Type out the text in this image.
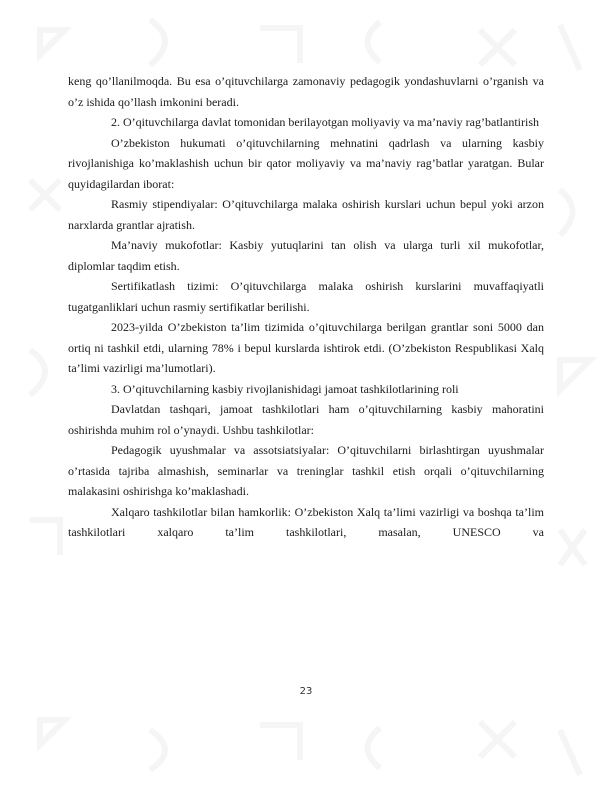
keng qo’llanilmoqda. Bu esa o’qituvchilarga zamonaviy pedagogik yondashuvlarni o’rganish va o’z ishida qo’llash imkonini beradi.

2. O’qituvchilarga davlat tomonidan berilayotgan moliyaviy va ma’naviy rag’batlantirish

O’zbekiston hukumati o’qituvchilarning mehnatini qadrlash va ularning kasbiy rivojlanishiga ko’maklashish uchun bir qator moliyaviy va ma’naviy rag’batlar yaratgan. Bular quyidagilardan iborat:

Rasmiy stipendiyalar: O’qituvchilarga malaka oshirish kurslari uchun bepul yoki arzon narxlarda grantlar ajratish.

Ma’naviy mukofotlar: Kasbiy yutuqlarini tan olish va ularga turli xil mukofotlar, diplomlar taqdim etish.

Sertifikatlash tizimi: O’qituvchilarga malaka oshirish kurslarini muvaffaqiyatli tugatganliklari uchun rasmiy sertifikatlar berilishi.

2023-yilda O’zbekiston ta’lim tizimida o’qituvchilarga berilgan grantlar soni 5000 dan ortiq ni tashkil etdi, ularning 78% i bepul kurslarda ishtirok etdi. (O’zbekiston Respublikasi Xalq ta’limi vazirligi ma’lumotlari).

3. O’qituvchilarning kasbiy rivojlanishidagi jamoat tashkilotlarining roli

Davlatdan tashqari, jamoat tashkilotlari ham o’qituvchilarning kasbiy mahoratini oshirishda muhim rol o’ynaydi. Ushbu tashkilotlar:

Pedagogik uyushmalar va assotsiatsiyalar: O’qituvchilarni birlashtirgan uyushmalar o’rtasida tajriba almashish, seminarlar va treninglar tashkil etish orqali o’qituvchilarning malakasini oshirishga ko’maklashadi.

Xalqaro tashkilotlar bilan hamkorlik: O’zbekiston Xalq ta’limi vazirligi va boshqa ta’lim tashkilotlari xalqaro ta’lim tashkilotlari, masalan, UNESCO va

23
